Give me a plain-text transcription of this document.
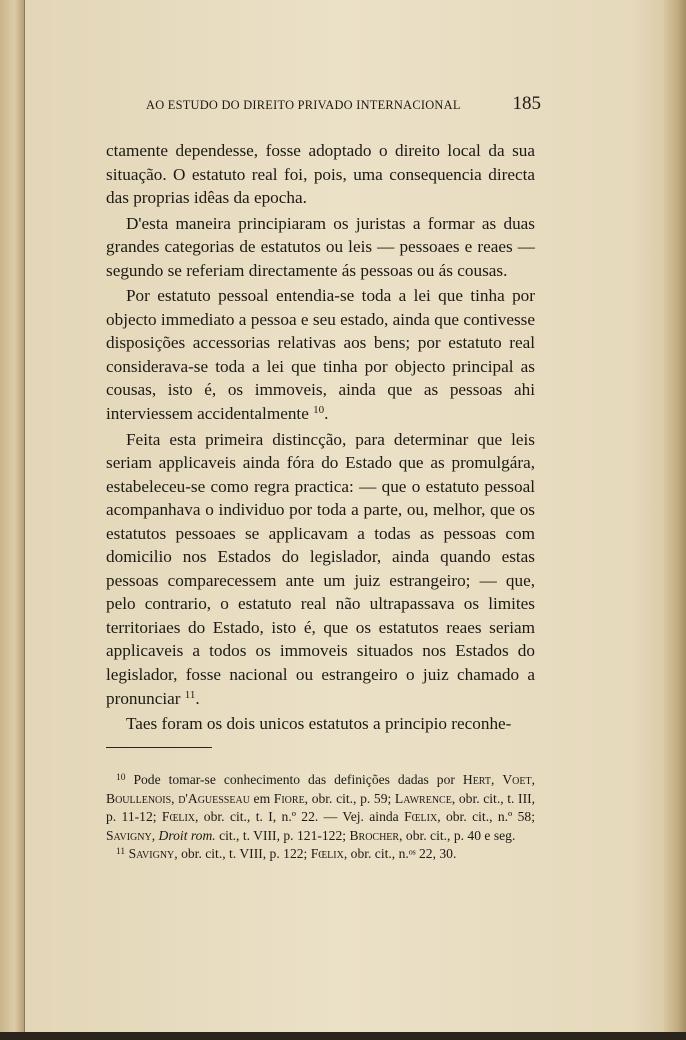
AO ESTUDO DO DIREITO PRIVADO INTERNACIONAL	185

ctamente dependesse, fosse adoptado o direito local da sua situação. O estatuto real foi, pois, uma consequencia directa das proprias idêas da epocha.

D'esta maneira principiaram os juristas a formar as duas grandes categorias de estatutos ou leis — pessoaes e reaes — segundo se referiam directamente ás pessoas ou ás cousas.

Por estatuto pessoal entendia-se toda a lei que tinha por objecto immediato a pessoa e seu estado, ainda que contivesse disposições accessorias relativas aos bens; por estatuto real considerava-se toda a lei que tinha por objecto principal as cousas, isto é, os immoveis, ainda que as pessoas ahi interviessem accidentalmente $^{10}$.

Feita esta primeira distincção, para determinar que leis seriam applicaveis ainda fóra do Estado que as promulgára, estabeleceu-se como regra practica: — que o estatuto pessoal acompanhava o individuo por toda a parte, ou, melhor, que os estatutos pessoaes se applicavam a todas as pessoas com domicilio nos Estados do legislador, ainda quando estas pessoas comparecessem ante um juiz estrangeiro; — que, pelo contrario, o estatuto real não ultrapassava os limites territoriaes do Estado, isto é, que os estatutos reaes seriam applicaveis a todos os immoveis situados nos Estados do legislador, fosse nacional ou estrangeiro o juiz chamado a pronunciar $^{11}$.

Taes foram os dois unicos estatutos a principio reconhe-

$^{10}$ Pode tomar-se conhecimento das definições dadas por Hert, Voet, Boullenois, d'Aguesseau em Fiore, obr. cit., p. 59; Lawrence, obr. cit., t. III, p. 11-12; Fœlix, obr. cit., t. I, n.º 22. — Vej. ainda Fœlix, obr. cit., n.º 58; Savigny, Droit rom. cit., t. VIII, p. 121-122; Brocher, obr. cit., p. 40 e seg.

$^{11}$ Savigny, obr. cit., t. VIII, p. 122; Fœlix, obr. cit., n.ᵒˢ 22, 30.
